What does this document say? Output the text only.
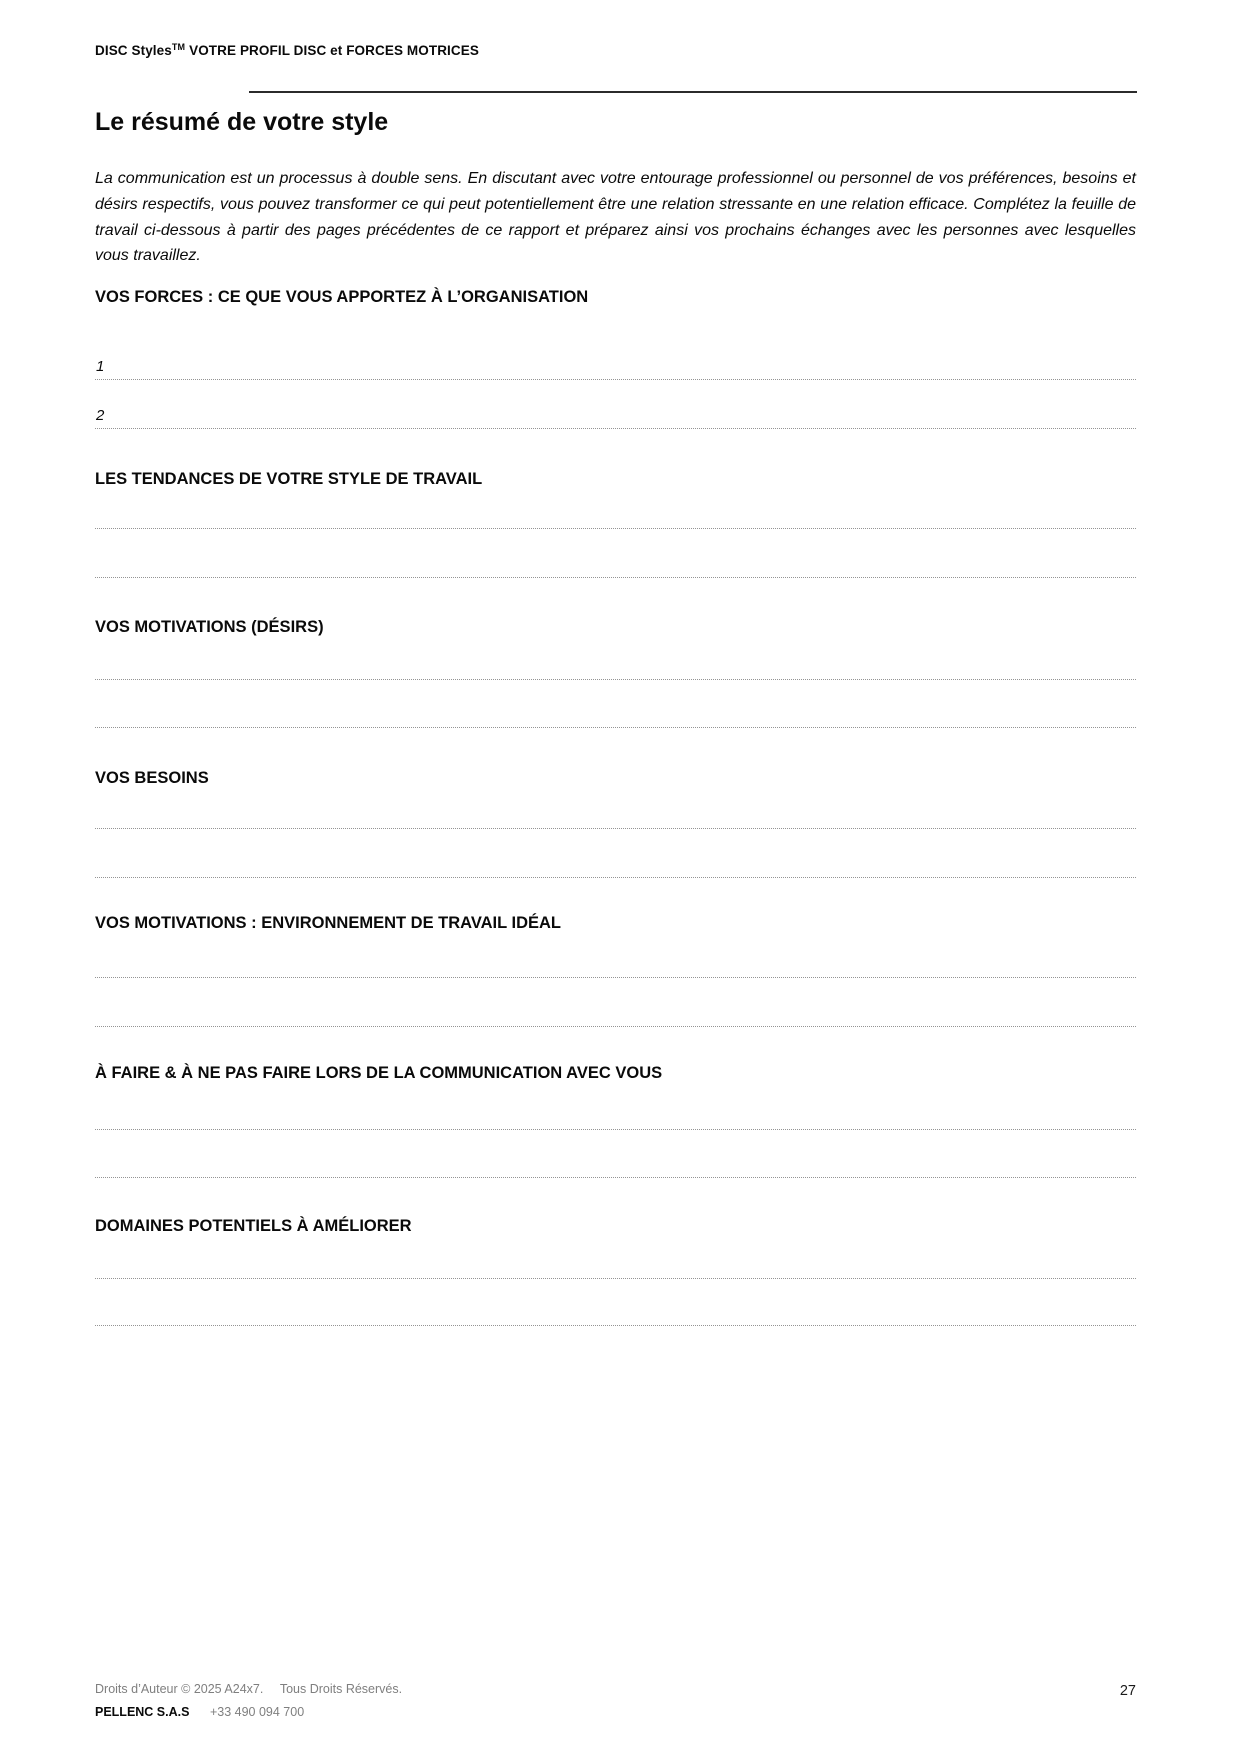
DISC Styles™ VOTRE PROFIL DISC et FORCES MOTRICES
Le résumé de votre style

La communication est un processus à double sens. En discutant avec votre entourage professionnel ou personnel de vos préférences, besoins et désirs respectifs, vous pouvez transformer ce qui peut potentiellement être une relation stressante en une relation efficace. Complétez la feuille de travail ci-dessous à partir des pages précédentes de ce rapport et préparez ainsi vos prochains échanges avec les personnes avec lesquelles vous travaillez.

VOS FORCES : CE QUE VOUS APPORTEZ À L’ORGANISATION
1
2
LES TENDANCES DE VOTRE STYLE DE TRAVAIL
VOS MOTIVATIONS (DÉSIRS)
VOS BESOINS
VOS MOTIVATIONS : ENVIRONNEMENT DE TRAVAIL IDÉAL
À FAIRE & À NE PAS FAIRE LORS DE LA COMMUNICATION AVEC VOUS
DOMAINES POTENTIELS À AMÉLIORER
Droits d’Auteur © 2025 A24x7. Tous Droits Réservés.
PELLENC S.A.S +33 490 094 700
27
